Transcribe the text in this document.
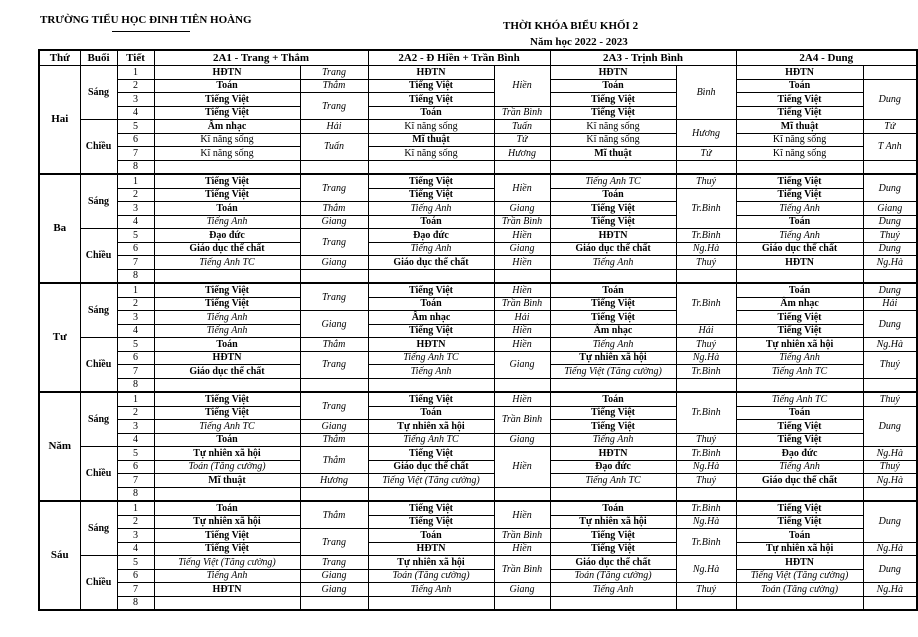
TRƯỜNG TIỂU HỌC ĐINH TIÊN HOÀNG	THỜI KHÓA BIỂU KHỐI 2
Năm học 2022 - 2023
Thứ	Buổi	Tiết	2A1 - Trang + Thắm		2A2 - Đ Hiền + Trần Bình		2A3 - Trịnh Bình		2A4 - Dung	
Hai	Sáng	1	HĐTN	Trang	HĐTN	Hiền	HĐTN	Bình	HĐTN	
		2	Toán	Thắm	Tiếng Việt		Toán		Toán	Dung
		3	Tiếng Việt	Trang	Tiếng Việt		Tiếng Việt		Tiếng Việt	
		4	Tiếng Việt		Toán	Trần Bình	Tiếng Việt		Tiếng Việt	
	Chiều	5	Âm nhạc	Hải	Kĩ năng sống	Tuấn	Kĩ năng sống	Hương	Mĩ thuật	Tứ
		6	Kĩ năng sống	Tuấn	Mĩ thuật	Tứ	Kĩ năng sống		Kĩ năng sống	T Anh
		7	Kĩ năng sống		Kĩ năng sống	Hương	Mĩ thuật	Tứ	Kĩ năng sống	
		8								
Ba	Sáng	1	Tiếng Việt	Trang	Tiếng Việt	Hiền	Tiếng Anh TC	Thuý	Tiếng Việt	Dung
		2	Tiếng Việt		Tiếng Việt		Toán	Tr.Bình	Tiếng Việt	
		3	Toán	Thắm	Tiếng Anh	Giang	Tiếng Việt		Tiếng Anh	Giang
		4	Tiếng Anh	Giang	Toán	Trần Bình	Tiếng Việt		Toán	Dung
	Chiều	5	Đạo đức	Trang	Đạo đức	Hiền	HĐTN	Tr.Bình	Tiếng Anh	Thuý
		6	Giáo dục thể chất		Tiếng Anh	Giang	Giáo dục thể chất	Ng.Hà	Giáo dục thể chất	Dung
		7	Tiếng Anh TC	Giang	Giáo dục thể chất	Hiền	Tiếng Anh	Thuý	HĐTN	Ng.Hà
		8								
Tư	Sáng	1	Tiếng Việt	Trang	Tiếng Việt	Hiền	Toán	Tr.Bình	Toán	Dung
		2	Tiếng Việt		Toán	Trần Bình	Tiếng Việt		Âm nhạc	Hải
		3	Tiếng Anh	Giang	Âm nhạc	Hải	Tiếng Việt		Tiếng Việt	Dung
		4	Tiếng Anh		Tiếng Việt	Hiền	Âm nhạc	Hải	Tiếng Việt	
	Chiều	5	Toán	Thắm	HĐTN	Hiền	Tiếng Anh	Thuý	Tự nhiên xã hội	Ng.Hà
		6	HĐTN	Trang	Tiếng Anh TC	Giang	Tự nhiên xã hội	Ng.Hà	Tiếng Anh	Thuý
		7	Giáo dục thể chất		Tiếng Anh		Tiếng Việt (Tăng cường)	Tr.Bình	Tiếng Anh TC	
		8								
Năm	Sáng	1	Tiếng Việt	Trang	Tiếng Việt	Hiền	Toán	Tr.Bình	Tiếng Anh TC	Thuý
		2	Tiếng Việt		Toán	Trần Bình	Tiếng Việt		Toán	Dung
		3	Tiếng Anh TC	Giang	Tự nhiên xã hội		Tiếng Việt		Tiếng Việt	
		4	Toán	Thắm	Tiếng Anh TC	Giang	Tiếng Anh	Thuý	Tiếng Việt	
	Chiều	5	Tự nhiên xã hội	Thắm	Tiếng Việt	Hiền	HĐTN	Tr.Bình	Đạo đức	Ng.Hà
		6	Toán (Tăng cường)		Giáo dục thể chất		Đạo đức	Ng.Hà	Tiếng Anh	Thuý
		7	Mĩ thuật	Hương	Tiếng Việt (Tăng cường)		Tiếng Anh TC	Thuý	Giáo dục thể chất	Ng.Hà
		8								
Sáu	Sáng	1	Toán	Thắm	Tiếng Việt	Hiền	Toán	Tr.Bình	Tiếng Việt	Dung
		2	Tự nhiên xã hội		Tiếng Việt		Tự nhiên xã hội	Ng.Hà	Tiếng Việt	
		3	Tiếng Việt	Trang	Toán	Trần Bình	Tiếng Việt	Tr.Bình	Toán	
		4	Tiếng Việt		HĐTN	Hiền	Tiếng Việt		Tự nhiên xã hội	Ng.Hà
	Chiều	5	Tiếng Việt (Tăng cường)	Trang	Tự nhiên xã hội	Trần Bình	Giáo dục thể chất	Ng.Hà	HĐTN	Dung
		6	Tiếng Anh	Giang	Toán (Tăng cường)		Toán (Tăng cường)		Tiếng Việt (Tăng cường)	
		7	HĐTN	Giang	Tiếng Anh	Giang	Tiếng Anh	Thuý	Toán (Tăng cường)	Ng.Hà
		8								
